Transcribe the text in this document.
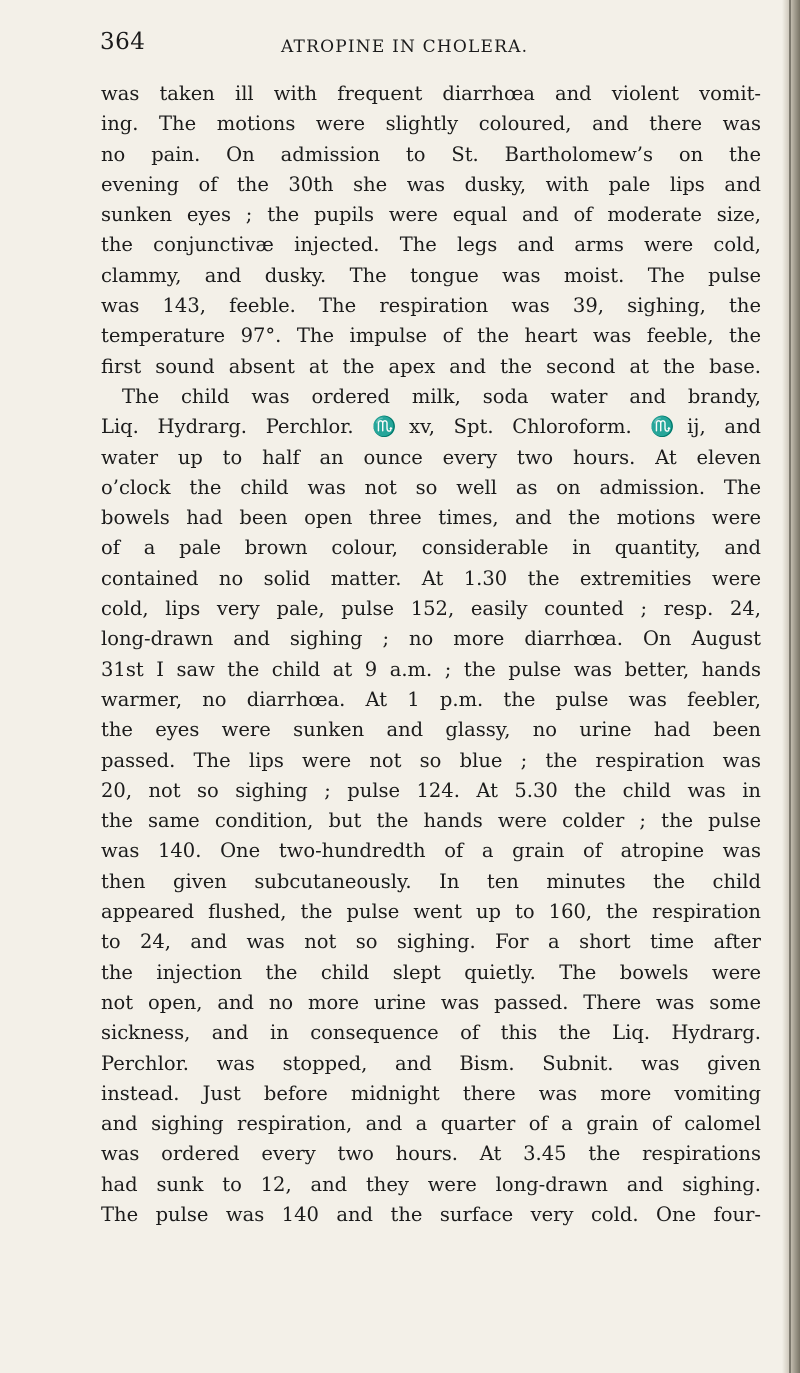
364	ATROPINE IN CHOLERA.
was taken ill with frequent diarrhœa and violent vomit-
ing. The motions were slightly coloured, and there was
no pain. On admission to St. Bartholomew’s on the
evening of the 30th she was dusky, with pale lips and
sunken eyes ; the pupils were equal and of moderate size,
the conjunctivæ injected. The legs and arms were cold,
clammy, and dusky. The tongue was moist. The pulse
was 143, feeble. The respiration was 39, sighing, the
temperature 97°. The impulse of the heart was feeble, the
first sound absent at the apex and the second at the base.
The child was ordered milk, soda water and brandy,
Liq. Hydrarg. Perchlor. ♏xv, Spt. Chloroform. ♏ij, and
water up to half an ounce every two hours. At eleven
o’clock the child was not so well as on admission. The
bowels had been open three times, and the motions were
of a pale brown colour, considerable in quantity, and
contained no solid matter. At 1.30 the extremities were
cold, lips very pale, pulse 152, easily counted ; resp. 24,
long-drawn and sighing ; no more diarrhœa. On August
31st I saw the child at 9 a.m. ; the pulse was better, hands
warmer, no diarrhœa. At 1 p.m. the pulse was feebler,
the eyes were sunken and glassy, no urine had been
passed. The lips were not so blue ; the respiration was
20, not so sighing ; pulse 124. At 5.30 the child was in
the same condition, but the hands were colder ; the pulse
was 140. One two-hundredth of a grain of atropine was
then given subcutaneously. In ten minutes the child
appeared flushed, the pulse went up to 160, the respiration
to 24, and was not so sighing. For a short time after
the injection the child slept quietly. The bowels were
not open, and no more urine was passed. There was some
sickness, and in consequence of this the Liq. Hydrarg.
Perchlor. was stopped, and Bism. Subnit. was given
instead. Just before midnight there was more vomiting
and sighing respiration, and a quarter of a grain of calomel
was ordered every two hours. At 3.45 the respirations
had sunk to 12, and they were long-drawn and sighing.
The pulse was 140 and the surface very cold. One four-
